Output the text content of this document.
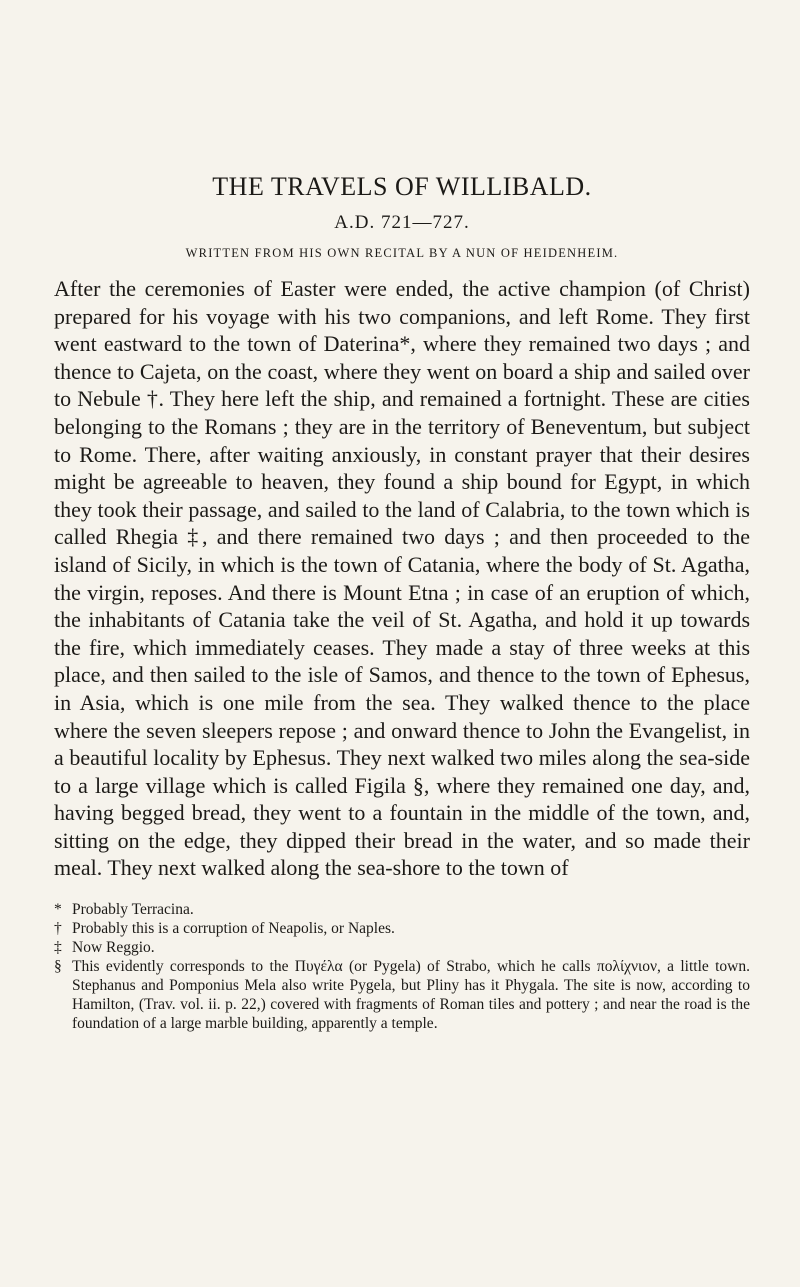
THE TRAVELS OF WILLIBALD.

A.D. 721—727.

WRITTEN FROM HIS OWN RECITAL BY A NUN OF HEIDENHEIM.

After the ceremonies of Easter were ended, the active champion (of Christ) prepared for his voyage with his two companions, and left Rome. They first went eastward to the town of Daterina*, where they remained two days ; and thence to Cajeta, on the coast, where they went on board a ship and sailed over to Nebule †. They here left the ship, and remained a fortnight. These are cities belonging to the Romans ; they are in the territory of Beneventum, but subject to Rome. There, after waiting anxiously, in constant prayer that their desires might be agreeable to heaven, they found a ship bound for Egypt, in which they took their passage, and sailed to the land of Calabria, to the town which is called Rhegia ‡, and there remained two days ; and then proceeded to the island of Sicily, in which is the town of Catania, where the body of St. Agatha, the virgin, reposes. And there is Mount Etna ; in case of an eruption of which, the inhabitants of Catania take the veil of St. Agatha, and hold it up towards the fire, which immediately ceases. They made a stay of three weeks at this place, and then sailed to the isle of Samos, and thence to the town of Ephesus, in Asia, which is one mile from the sea. They walked thence to the place where the seven sleepers repose ; and onward thence to John the Evangelist, in a beautiful locality by Ephesus. They next walked two miles along the sea-side to a large village which is called Figila §, where they remained one day, and, having begged bread, they went to a fountain in the middle of the town, and, sitting on the edge, they dipped their bread in the water, and so made their meal. They next walked along the sea-shore to the town of

* Probably Terracina.

† Probably this is a corruption of Neapolis, or Naples.

‡ Now Reggio.

§ This evidently corresponds to the Πυγέλα (or Pygela) of Strabo, which he calls πολίχνιον, a little town. Stephanus and Pomponius Mela also write Pygela, but Pliny has it Phygala. The site is now, according to Hamilton, (Trav. vol. ii. p. 22,) covered with fragments of Roman tiles and pottery ; and near the road is the foundation of a large marble building, apparently a temple.
